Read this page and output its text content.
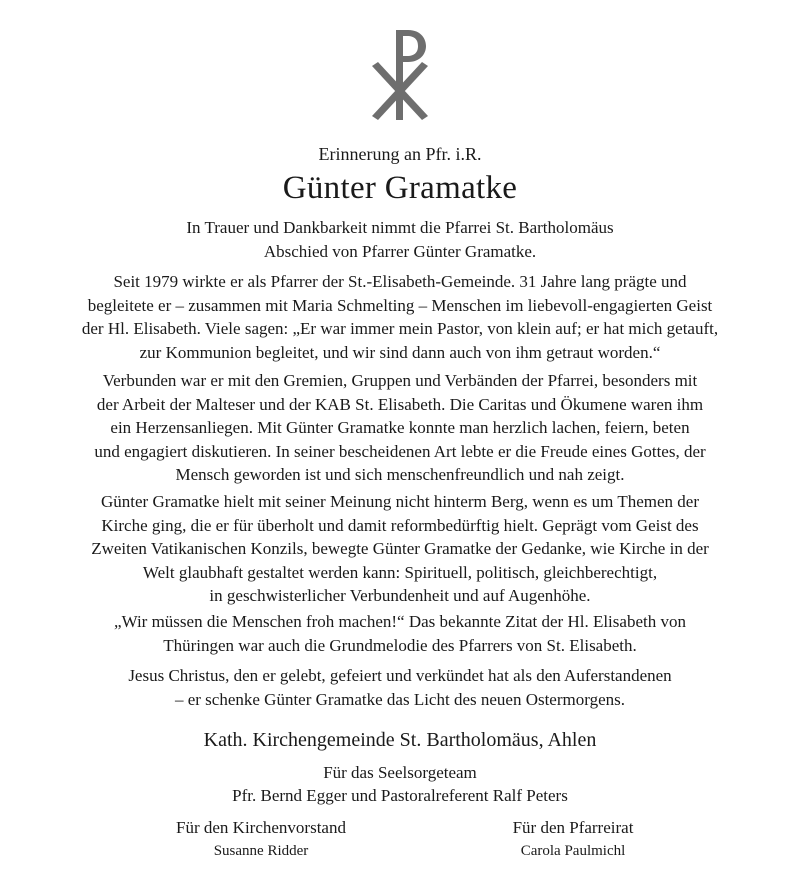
Erinnerung an Pfr. i.R.
Günter Gramatke
In Trauer und Dankbarkeit nimmt die Pfarrei St. Bartholomäus
Abschied von Pfarrer Günter Gramatke.
Seit 1979 wirkte er als Pfarrer der St.-Elisabeth-Gemeinde. 31 Jahre lang prägte und
begleitete er – zusammen mit Maria Schmelting – Menschen im liebevoll-engagierten Geist
der Hl. Elisabeth. Viele sagen: „Er war immer mein Pastor, von klein auf; er hat mich getauft,
zur Kommunion begleitet, und wir sind dann auch von ihm getraut worden.“
Verbunden war er mit den Gremien, Gruppen und Verbänden der Pfarrei, besonders mit
der Arbeit der Malteser und der KAB St. Elisabeth. Die Caritas und Ökumene waren ihm
ein Herzensanliegen. Mit Günter Gramatke konnte man herzlich lachen, feiern, beten
und engagiert diskutieren. In seiner bescheidenen Art lebte er die Freude eines Gottes, der
Mensch geworden ist und sich menschenfreundlich und nah zeigt.
Günter Gramatke hielt mit seiner Meinung nicht hinterm Berg, wenn es um Themen der
Kirche ging, die er für überholt und damit reformbedürftig hielt. Geprägt vom Geist des
Zweiten Vatikanischen Konzils, bewegte Günter Gramatke der Gedanke, wie Kirche in der
Welt glaubhaft gestaltet werden kann: Spirituell, politisch, gleichberechtigt,
in geschwisterlicher Verbundenheit und auf Augenhöhe.
„Wir müssen die Menschen froh machen!“ Das bekannte Zitat der Hl. Elisabeth von
Thüringen war auch die Grundmelodie des Pfarrers von St. Elisabeth.
Jesus Christus, den er gelebt, gefeiert und verkündet hat als den Auferstandenen
– er schenke Günter Gramatke das Licht des neuen Ostermorgens.
Kath. Kirchengemeinde St. Bartholomäus, Ahlen
Für das Seelsorgeteam
Pfr. Bernd Egger und Pastoralreferent Ralf Peters
Für den Kirchenvorstand
Susanne Ridder
Für den Pfarreirat
Carola Paulmichl
